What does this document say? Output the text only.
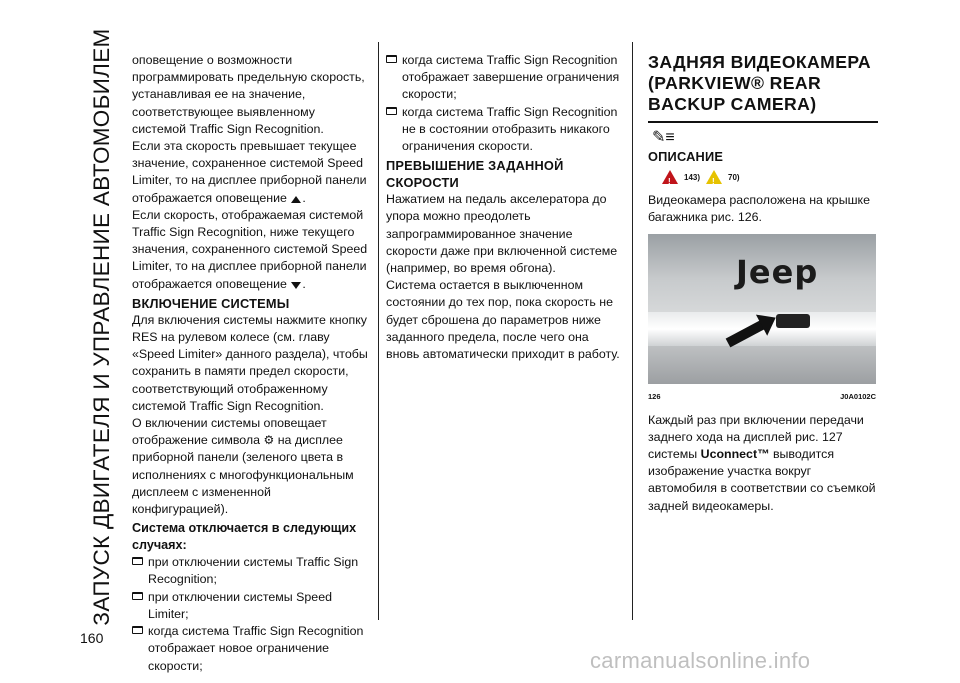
ЗАПУСК ДВИГАТЕЛЯ И УПРАВЛЕНИЕ АВТОМОБИЛЕМ
160

оповещение о возможности программировать предельную скорость, устанавливая ее на значение, соответствующее выявленному системой Traffic Sign Recognition.

Если эта скорость превышает текущее значение, сохраненное системой Speed Limiter, то на дисплее приборной панели отображается оповещение .

Если скорость, отображаемая системой Traffic Sign Recognition, ниже текущего значения, сохраненного системой Speed Limiter, то на дисплее приборной панели отображается оповещение .

ВКЛЮЧЕНИЕ СИСТЕМЫ

Для включения системы нажмите кнопку RES на рулевом колесе (см. главу «Speed Limiter» данного раздела), чтобы сохранить в памяти предел скорости, соответствующий отображенному системой Traffic Sign Recognition.

О включении системы оповещает отображение символа ⚙ на дисплее приборной панели (зеленого цвета в исполнениях с многофункциональным дисплеем с измененной конфигурацией).

Система отключается в следующих случаях:

при отключении системы Traffic Sign Recognition;

при отключении системы Speed Limiter;

когда система Traffic Sign Recognition отображает новое ограничение скорости;

когда система Traffic Sign Recognition отображает завершение ограничения скорости;

когда система Traffic Sign Recognition не в состоянии отобразить никакого ограничения скорости.

ПРЕВЫШЕНИЕ ЗАДАННОЙ СКОРОСТИ

Нажатием на педаль акселератора до упора можно преодолеть запрограммированное значение скорости даже при включенной системе (например, во время обгона).

Система остается в выключенном состоянии до тех пор, пока скорость не будет сброшена до параметров ниже заданного предела, после чего она вновь автоматически приходит в работу.

ЗАДНЯЯ ВИДЕОКАМЕРА (PARKVIEW® REAR BACKUP CAMERA)

✎≡
ОПИСАНИЕ
!
143)
!
70)

Видеокамера расположена на крышке багажника рис. 126.

Jeep
126	J0A0102C

Каждый раз при включении передачи заднего хода на дисплей рис. 127 системы Uconnect™ выводится изображение участка вокруг автомобиля в соответствии со съемкой задней видеокамеры.

carmanualsonline.info
